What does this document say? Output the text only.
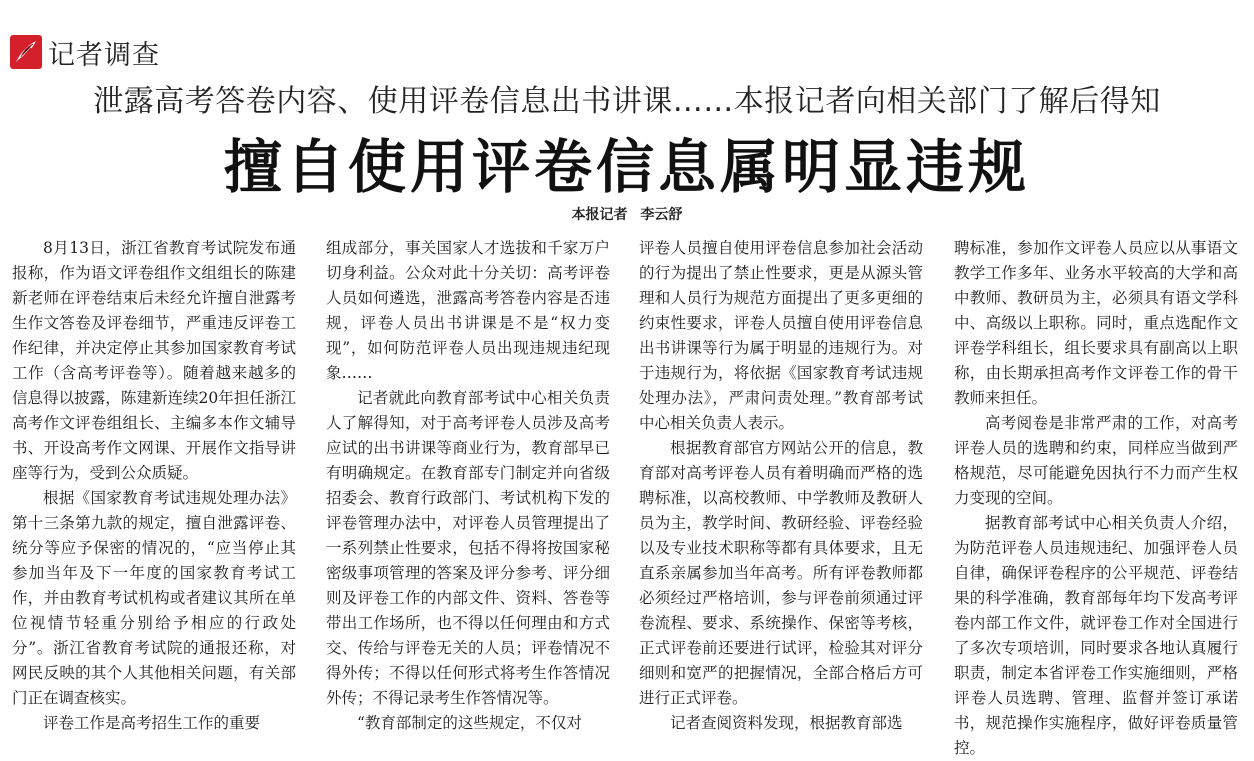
记者调查
泄露高考答卷内容、使用评卷信息出书讲课……本报记者向相关部门了解后得知
擅自使用评卷信息属明显违规
本报记者 李云舒

8月13日，浙江省教育考试院发布通报称，作为语文评卷组作文组组长的陈建新老师在评卷结束后未经允许擅自泄露考生作文答卷及评卷细节，严重违反评卷工作纪律，并决定停止其参加国家教育考试工作（含高考评卷等）。随着越来越多的信息得以披露，陈建新连续20年担任浙江高考作文评卷组组长、主编多本作文辅导书、开设高考作文网课、开展作文指导讲座等行为，受到公众质疑。

根据《国家教育考试违规处理办法》第十三条第九款的规定，擅自泄露评卷、统分等应予保密的情况的，“应当停止其参加当年及下一年度的国家教育考试工作，并由教育考试机构或者建议其所在单位视情节轻重分别给予相应的行政处分”。浙江省教育考试院的通报还称，对网民反映的其个人其他相关问题，有关部门正在调查核实。

评卷工作是高考招生工作的重要

组成部分，事关国家人才选拔和千家万户切身利益。公众对此十分关切：高考评卷人员如何遴选，泄露高考答卷内容是否违规，评卷人员出书讲课是不是“权力变现”，如何防范评卷人员出现违规违纪现象……

记者就此向教育部考试中心相关负责人了解得知，对于高考评卷人员涉及高考应试的出书讲课等商业行为，教育部早已有明确规定。在教育部专门制定并向省级招委会、教育行政部门、考试机构下发的评卷管理办法中，对评卷人员管理提出了一系列禁止性要求，包括不得将按国家秘密级事项管理的答案及评分参考、评分细则及评卷工作的内部文件、资料、答卷等带出工作场所，也不得以任何理由和方式交、传给与评卷无关的人员；评卷情况不得外传；不得以任何形式将考生作答情况外传；不得记录考生作答情况等。

“教育部制定的这些规定，不仅对

评卷人员擅自使用评卷信息参加社会活动的行为提出了禁止性要求，更是从源头管理和人员行为规范方面提出了更多更细的约束性要求，评卷人员擅自使用评卷信息出书讲课等行为属于明显的违规行为。对于违规行为，将依据《国家教育考试违规处理办法》，严肃问责处理。”教育部考试中心相关负责人表示。

根据教育部官方网站公开的信息，教育部对高考评卷人员有着明确而严格的选聘标准，以高校教师、中学教师及教研人员为主，教学时间、教研经验、评卷经验以及专业技术职称等都有具体要求，且无直系亲属参加当年高考。所有评卷教师都必须经过严格培训，参与评卷前须通过评卷流程、要求、系统操作、保密等考核，正式评卷前还要进行试评，检验其对评分细则和宽严的把握情况，全部合格后方可进行正式评卷。

记者查阅资料发现，根据教育部选

聘标准，参加作文评卷人员应以从事语文教学工作多年、业务水平较高的大学和高中教师、教研员为主，必须具有语文学科中、高级以上职称。同时，重点选配作文评卷学科组长，组长要求具有副高以上职称，由长期承担高考作文评卷工作的骨干教师来担任。

高考阅卷是非常严肃的工作，对高考评卷人员的选聘和约束，同样应当做到严格规范，尽可能避免因执行不力而产生权力变现的空间。

据教育部考试中心相关负责人介绍，为防范评卷人员违规违纪、加强评卷人员自律，确保评卷程序的公平规范、评卷结果的科学准确，教育部每年均下发高考评卷内部工作文件，就评卷工作对全国进行了多次专项培训，同时要求各地认真履行职责，制定本省评卷工作实施细则，严格评卷人员选聘、管理、监督并签订承诺书，规范操作实施程序，做好评卷质量管控。
